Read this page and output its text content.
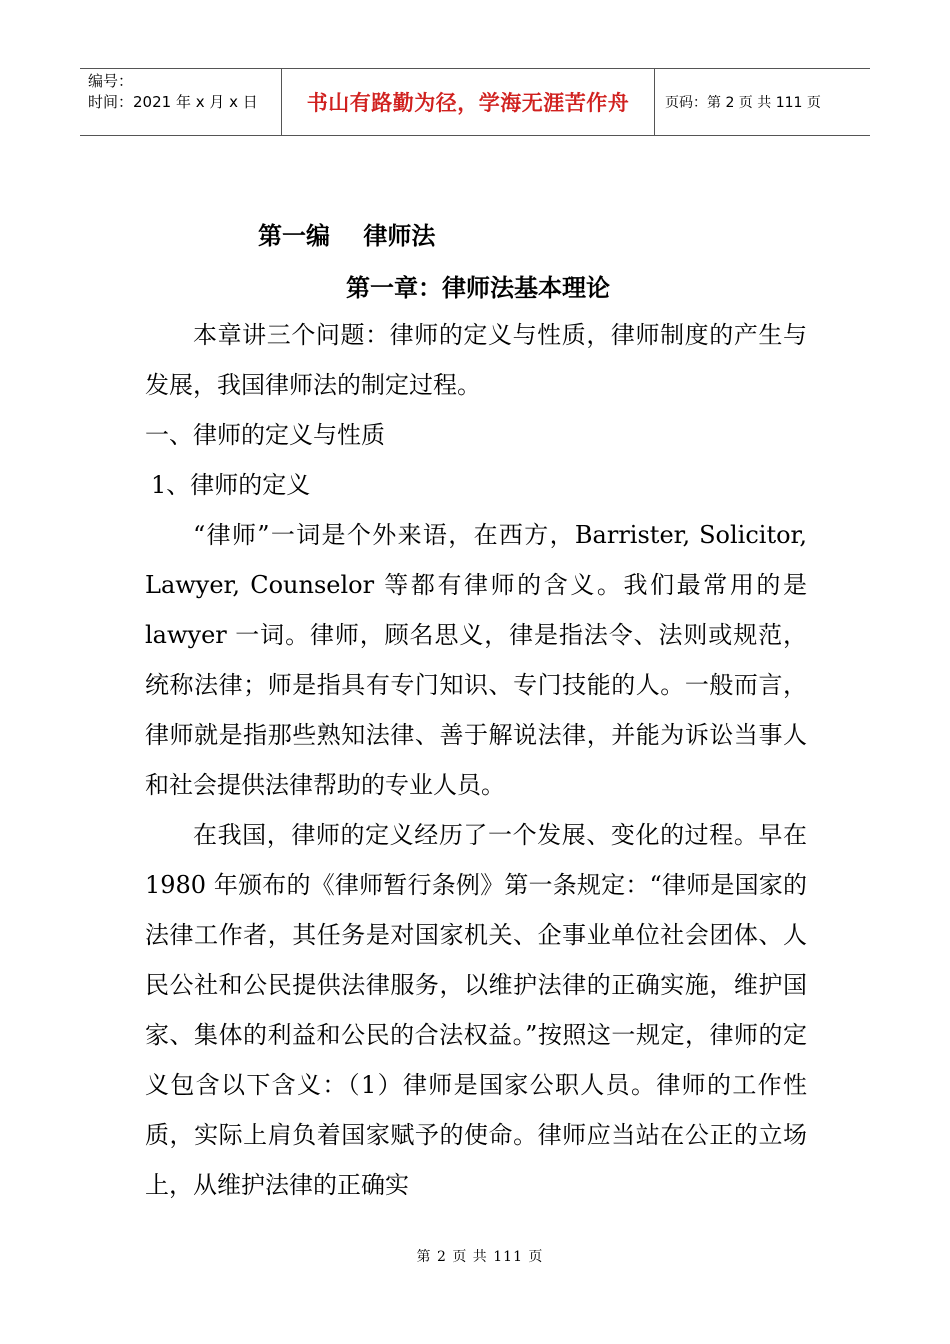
编号：
时间：2021 年 x 月 x 日 书山有路勤为径，学海无涯苦作舟	页码：第 2 页 共 111 页
第一编    律师法
第一章：律师法基本理论

本章讲三个问题：律师的定义与性质，律师制度的产生与发展，我国律师法的制定过程。

一、律师的定义与性质

1、律师的定义

“律师”一词是个外来语，在西方，Barrister, Solicitor, Lawyer, Counselor 等都有律师的含义。我们最常用的是 lawyer 一词。律师，顾名思义，律是指法令、法则或规范，统称法律；师是指具有专门知识、专门技能的人。一般而言，律师就是指那些熟知法律、善于解说法律，并能为诉讼当事人和社会提供法律帮助的专业人员。

在我国，律师的定义经历了一个发展、变化的过程。早在 1980 年颁布的《律师暂行条例》第一条规定：“律师是国家的法律工作者，其任务是对国家机关、企事业单位社会团体、人民公社和公民提供法律服务，以维护法律的正确实施，维护国家、集体的利益和公民的合法权益。”按照这一规定，律师的定义包含以下含义：（1）律师是国家公职人员。律师的工作性质，实际上肩负着国家赋予的使命。律师应当站在公正的立场上，从维护法律的正确实

第 2 页 共 111 页
